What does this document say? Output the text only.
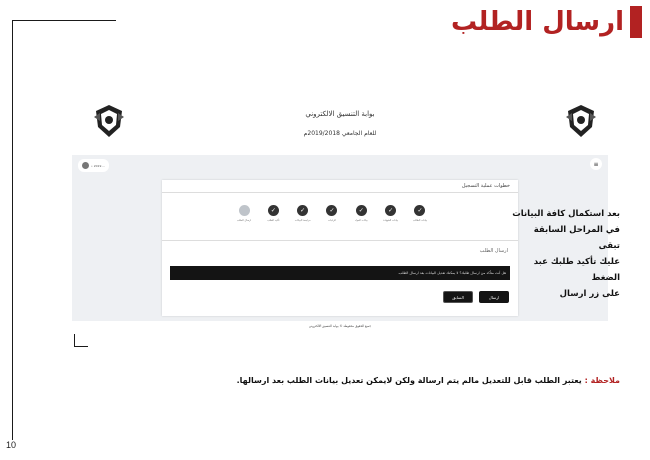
ارسال الطلب
بوابة التنسيق الالكتروني
للعام الجامعي 2019/2018م
• 2019 ...	≡
خطوات عملية التسجيل
✓
بيانات الطالب
✓
بيانات الشهادة
✓
بيانات المواد
✓
الرغبات
✓
مراجعة البيانات
✓
تأكيد الطلب
ارسال الطلب
ارسال الطلب
هل أنت متأكد من ارسال طلبك؟ لا يمكنك تعديل البيانات بعد ارسال الطلب.
السابق	ارسال
جميع الحقوق محفوظة © بوابة التنسيق الالكتروني
بعد استكمال كافة البيانات
في المراحل السابقة تبقى
عليك تأكيد طلبك عبد الضغط
على زر ارسال
ملاحظة : يعتبر الطلب قابل للتعديل مالم يتم ارسالة ولكن لايمكن تعديل بيانات الطلب بعد ارسالها.
10
